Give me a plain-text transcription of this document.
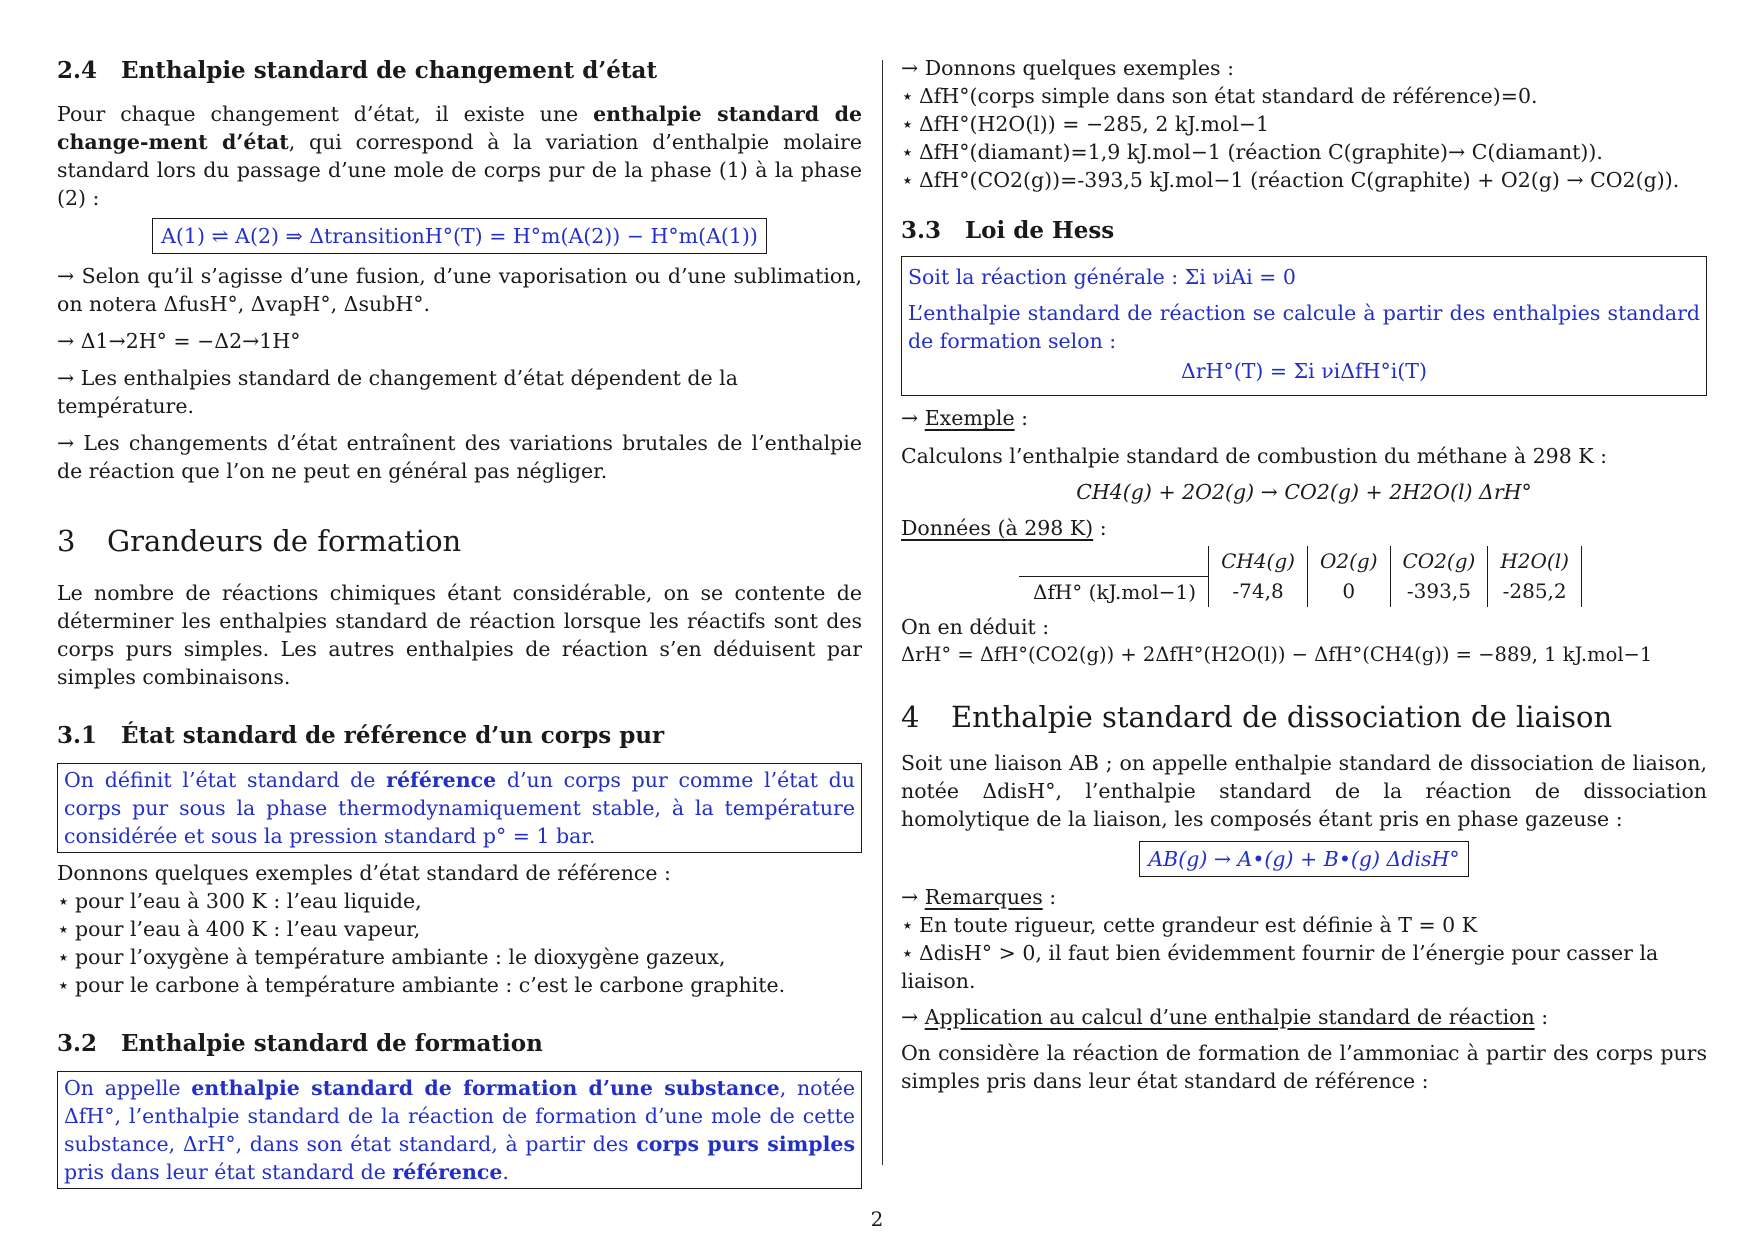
2.4 Enthalpie standard de changement d’état

Pour chaque changement d’état, il existe une enthalpie standard de change-ment d’état, qui correspond à la variation d’enthalpie molaire standard lors du passage d’une mole de corps pur de la phase (1) à la phase (2) :

A(1) ⇌ A(2) ⇒ ΔtransitionH°(T) = H°m(A(2)) − H°m(A(1))

→ Selon qu’il s’agisse d’une fusion, d’une vaporisation ou d’une sublimation, on notera ΔfusH°, ΔvapH°, ΔsubH°.

→ Δ1→2H° = −Δ2→1H°

→ Les enthalpies standard de changement d’état dépendent de la température.

→ Les changements d’état entraînent des variations brutales de l’enthalpie de réaction que l’on ne peut en général pas négliger.

3 Grandeurs de formation

Le nombre de réactions chimiques étant considérable, on se contente de déterminer les enthalpies standard de réaction lorsque les réactifs sont des corps purs simples. Les autres enthalpies de réaction s’en déduisent par simples combinaisons.

3.1 État standard de référence d’un corps pur
On définit l’état standard de référence d’un corps pur comme l’état du corps pur sous la phase thermodynamiquement stable, à la température considérée et sous la pression standard p° = 1 bar.

Donnons quelques exemples d’état standard de référence :

⋆ pour l’eau à 300 K : l’eau liquide,

⋆ pour l’eau à 400 K : l’eau vapeur,

⋆ pour l’oxygène à température ambiante : le dioxygène gazeux,

⋆ pour le carbone à température ambiante : c’est le carbone graphite.

3.2 Enthalpie standard de formation
On appelle enthalpie standard de formation d’une substance, notée ΔfH°, l’enthalpie standard de la réaction de formation d’une mole de cette substance, ΔrH°, dans son état standard, à partir des corps purs simples pris dans leur état standard de référence.

→ Donnons quelques exemples :

⋆ ΔfH°(corps simple dans son état standard de référence)=0.

⋆ ΔfH°(H2O(l)) = −285, 2 kJ.mol−1

⋆ ΔfH°(diamant)=1,9 kJ.mol−1 (réaction C(graphite)→ C(diamant)).

⋆ ΔfH°(CO2(g))=-393,5 kJ.mol−1 (réaction C(graphite) + O2(g) → CO2(g)).

3.3 Loi de Hess

Soit la réaction générale : Σi νiAi = 0

L’enthalpie standard de réaction se calcule à partir des enthalpies standard de formation selon :

ΔrH°(T) = Σi νiΔfH°i(T)

→ Exemple :

Calculons l’enthalpie standard de combustion du méthane à 298 K :

CH4(g) + 2O2(g) → CO2(g) + 2H2O(l) ΔrH°

Données (à 298 K) :

	CH4(g)	O2(g)	CO2(g)	H2O(l)
ΔfH° (kJ.mol−1)	-74,8	0	-393,5	-285,2

On en déduit :

ΔrH° = ΔfH°(CO2(g)) + 2ΔfH°(H2O(l)) − ΔfH°(CH4(g)) = −889, 1 kJ.mol−1

4 Enthalpie standard de dissociation de liaison

Soit une liaison AB ; on appelle enthalpie standard de dissociation de liaison, notée ΔdisH°, l’enthalpie standard de la réaction de dissociation homolytique de la liaison, les composés étant pris en phase gazeuse :

AB(g) → A•(g) + B•(g) ΔdisH°

→ Remarques :

⋆ En toute rigueur, cette grandeur est définie à T = 0 K

⋆ ΔdisH° > 0, il faut bien évidemment fournir de l’énergie pour casser la liaison.

→ Application au calcul d’une enthalpie standard de réaction :

On considère la réaction de formation de l’ammoniac à partir des corps purs simples pris dans leur état standard de référence :

2
